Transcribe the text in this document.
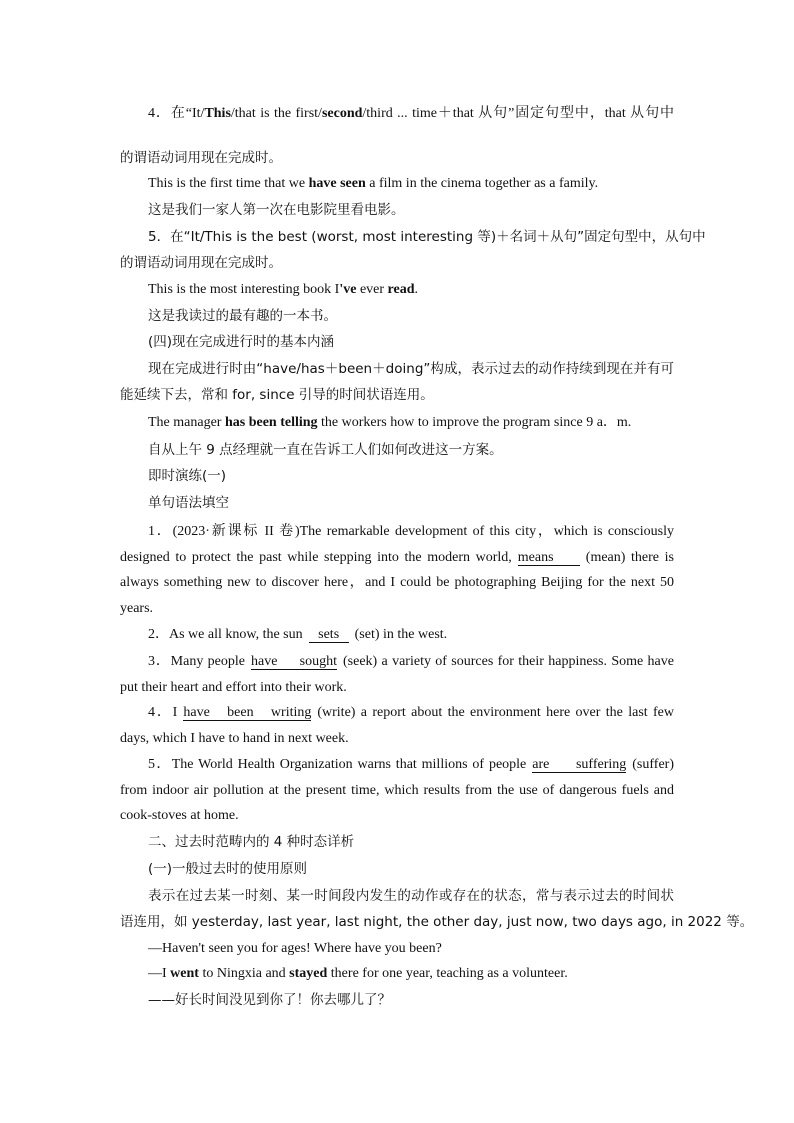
4．在“It/This/that is the first/second/third ... time＋that 从句”固定句型中，that 从句中
的谓语动词用现在完成时。
This is the first time that we have seen a film in the cinema together as a family.
这是我们一家人第一次在电影院里看电影。
5．在“It/This is the best (worst, most interesting 等)＋名词＋从句”固定句型中，从句中
的谓语动词用现在完成时。
This is the most interesting book I've ever read.
这是我读过的最有趣的一本书。
(四)现在完成进行时的基本内涵
现在完成进行时由“have/has＋been＋doing”构成，表示过去的动作持续到现在并有可
能延续下去，常和 for, since 引导的时间状语连用。
The manager has been telling the workers how to improve the program since 9 a．m.
自从上午 9 点经理就一直在告诉工人们如何改进这一方案。
即时演练(一)
单句语法填空
1．(2023·新课标 II 卷)The remarkable development of this city，which is consciously
designed to protect the past while stepping into the modern world, means (mean) there is
always something new to discover here，and I could be photographing Beijing for the next 50
years.
2．As we all know, the sun sets (set) in the west.
3．Many people have sought (seek) a variety of sources for their happiness. Some have
put their heart and effort into their work.
4．I have been writing (write) a report about the environment here over the last few
days, which I have to hand in next week.
5．The World Health Organization warns that millions of people are suffering (suffer)
from indoor air pollution at the present time, which results from the use of dangerous fuels and
cook-stoves at home.
二、过去时范畴内的 4 种时态详析
(一)一般过去时的使用原则
表示在过去某一时刻、某一时间段内发生的动作或存在的状态，常与表示过去的时间状
语连用，如 yesterday, last year, last night, the other day, just now, two days ago, in 2022 等。
—Haven't seen you for ages! Where have you been?
—I went to Ningxia and stayed there for one year, teaching as a volunteer.
——好长时间没见到你了！你去哪儿了？
